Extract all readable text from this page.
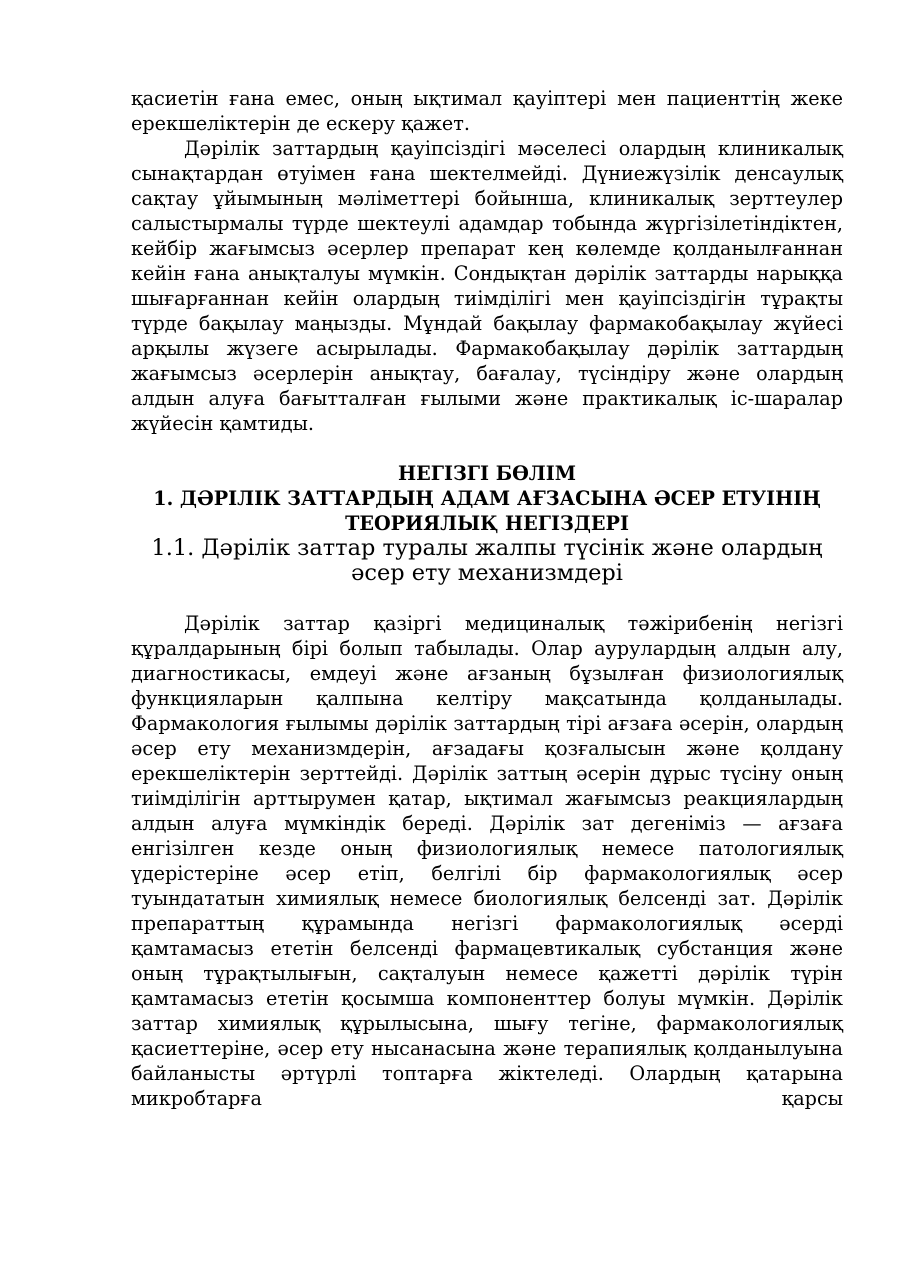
қасиетін ғана емес, оның ықтимал қауіптері мен пациенттің жеке ерекшеліктерін де ескеру қажет.

Дәрілік заттардың қауіпсіздігі мәселесі олардың клиникалық сынақтардан өтуімен ғана шектелмейді. Дүниежүзілік денсаулық сақтау ұйымының мәліметтері бойынша, клиникалық зерттеулер салыстырмалы түрде шектеулі адамдар тобында жүргізілетіндіктен, кейбір жағымсыз әсерлер препарат кең көлемде қолданылғаннан кейін ғана анықталуы мүмкін. Сондықтан дәрілік заттарды нарыққа шығарғаннан кейін олардың тиімділігі мен қауіпсіздігін тұрақты түрде бақылау маңызды. Мұндай бақылау фармакобақылау жүйесі арқылы жүзеге асырылады. Фармакобақылау дәрілік заттардың жағымсыз әсерлерін анықтау, бағалау, түсіндіру және олардың алдын алуға бағытталған ғылыми және практикалық іс-шаралар жүйесін қамтиды.

НЕГІЗГІ БӨЛІМ
1. ДӘРІЛІК ЗАТТАРДЫҢ АДАМ АҒЗАСЫНА ӘСЕР ЕТУІНІҢ ТЕОРИЯЛЫҚ НЕГІЗДЕРІ
1.1. Дәрілік заттар туралы жалпы түсінік және олардың әсер ету механизмдері

Дәрілік заттар қазіргі медициналық тәжірибенің негізгі құралдарының бірі болып табылады. Олар аурулардың алдын алу, диагностикасы, емдеуі және ағзаның бұзылған физиологиялық функцияларын қалпына келтіру мақсатында қолданылады. Фармакология ғылымы дәрілік заттардың тірі ағзаға әсерін, олардың әсер ету механизмдерін, ағзадағы қозғалысын және қолдану ерекшеліктерін зерттейді. Дәрілік заттың әсерін дұрыс түсіну оның тиімділігін арттырумен қатар, ықтимал жағымсыз реакциялардың алдын алуға мүмкіндік береді. Дәрілік зат дегеніміз — ағзаға енгізілген кезде оның физиологиялық немесе патологиялық үдерістеріне әсер етіп, белгілі бір фармакологиялық әсер туындататын химиялық немесе биологиялық белсенді зат. Дәрілік препараттың құрамында негізгі фармакологиялық әсерді қамтамасыз ететін белсенді фармацевтикалық субстанция және оның тұрақтылығын, сақталуын немесе қажетті дәрілік түрін қамтамасыз ететін қосымша компоненттер болуы мүмкін. Дәрілік заттар химиялық құрылысына, шығу тегіне, фармакологиялық қасиеттеріне, әсер ету нысанасына және терапиялық қолданылуына байланысты әртүрлі топтарға жіктеледі. Олардың қатарына микробтарға қарсы
